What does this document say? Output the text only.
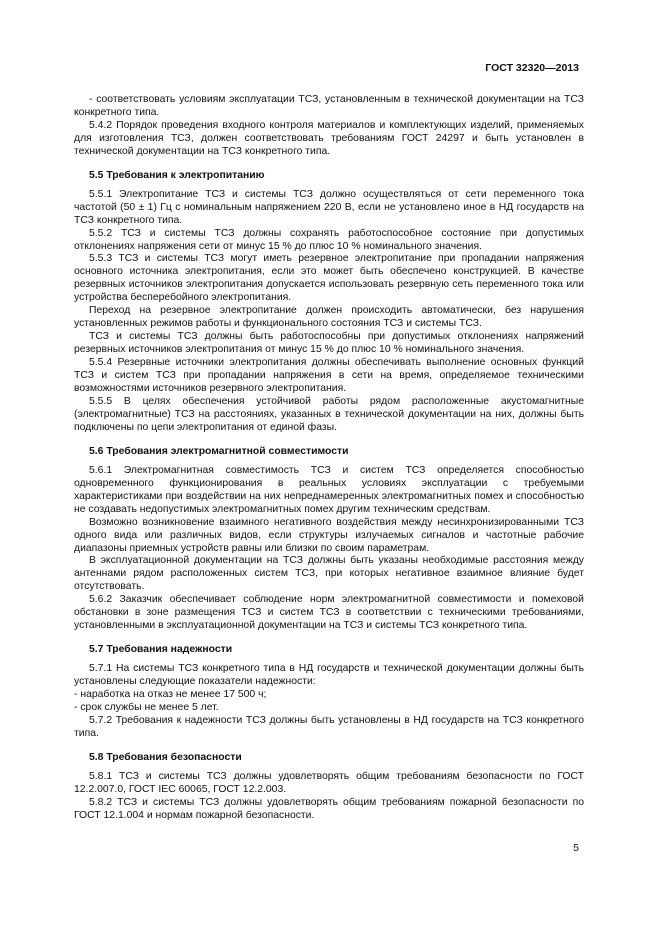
ГОСТ 32320—2013

- соответствовать условиям эксплуатации ТСЗ, установленным в технической документации на ТСЗ конкретного типа.

5.4.2 Порядок проведения входного контроля материалов и комплектующих изделий, применяемых для изготовления ТСЗ, должен соответствовать требованиям ГОСТ 24297 и быть установлен в технической документации на ТСЗ конкретного типа.

5.5 Требования к электропитанию

5.5.1 Электропитание ТСЗ и системы ТСЗ должно осуществляться от сети переменного тока частотой (50 ± 1) Гц с номинальным напряжением 220 В, если не установлено иное в НД государств на ТСЗ конкретного типа.

5.5.2 ТСЗ и системы ТСЗ должны сохранять работоспособное состояние при допустимых отклонениях напряжения сети от минус 15 % до плюс 10 % номинального значения.

5.5.3 ТСЗ и системы ТСЗ могут иметь резервное электропитание при пропадании напряжения основного источника электропитания, если это может быть обеспечено конструкцией. В качестве резервных источников электропитания допускается использовать резервную сеть переменного тока или устройства бесперебойного электропитания.

Переход на резервное электропитание должен происходить автоматически, без нарушения установленных режимов работы и функционального состояния ТСЗ и системы ТСЗ.

ТСЗ и системы ТСЗ должны быть работоспособны при допустимых отклонениях напряжений резервных источников электропитания от минус 15 % до плюс 10 % номинального значения.

5.5.4 Резервные источники электропитания должны обеспечивать выполнение основных функций ТСЗ и систем ТСЗ при пропадании напряжения в сети на время, определяемое техническими возможностями источников резервного электропитания.

5.5.5 В целях обеспечения устойчивой работы рядом расположенные акустомагнитные (электромагнитные) ТСЗ на расстояниях, указанных в технической документации на них, должны быть подключены по цепи электропитания от единой фазы.

5.6 Требования электромагнитной совместимости

5.6.1 Электромагнитная совместимость ТСЗ и систем ТСЗ определяется способностью одновременного функционирования в реальных условиях эксплуатации с требуемыми характеристиками при воздействии на них непреднамеренных электромагнитных помех и способностью не создавать недопустимых электромагнитных помех другим техническим средствам.

Возможно возникновение взаимного негативного воздействия между несинхронизированными ТСЗ одного вида или различных видов, если структуры излучаемых сигналов и частотные рабочие диапазоны приемных устройств равны или близки по своим параметрам.

В эксплуатационной документации на ТСЗ должны быть указаны необходимые расстояния между антеннами рядом расположенных систем ТСЗ, при которых негативное взаимное влияние будет отсутствовать.

5.6.2 Заказчик обеспечивает соблюдение норм электромагнитной совместимости и помеховой обстановки в зоне размещения ТСЗ и систем ТСЗ в соответствии с техническими требованиями, установленными в эксплуатационной документации на ТСЗ и системы ТСЗ конкретного типа.

5.7 Требования надежности

5.7.1 На системы ТСЗ конкретного типа в НД государств и технической документации должны быть установлены следующие показатели надежности:

- наработка на отказ не менее 17 500 ч;

- срок службы не менее 5 лет.

5.7.2 Требования к надежности ТСЗ должны быть установлены в НД государств на ТСЗ конкретного типа.

5.8 Требования безопасности

5.8.1 ТСЗ и системы ТСЗ должны удовлетворять общим требованиям безопасности по ГОСТ 12.2.007.0, ГОСТ IEC 60065, ГОСТ 12.2.003.

5.8.2 ТСЗ и системы ТСЗ должны удовлетворять общим требованиям пожарной безопасности по ГОСТ 12.1.004 и нормам пожарной безопасности.

5
